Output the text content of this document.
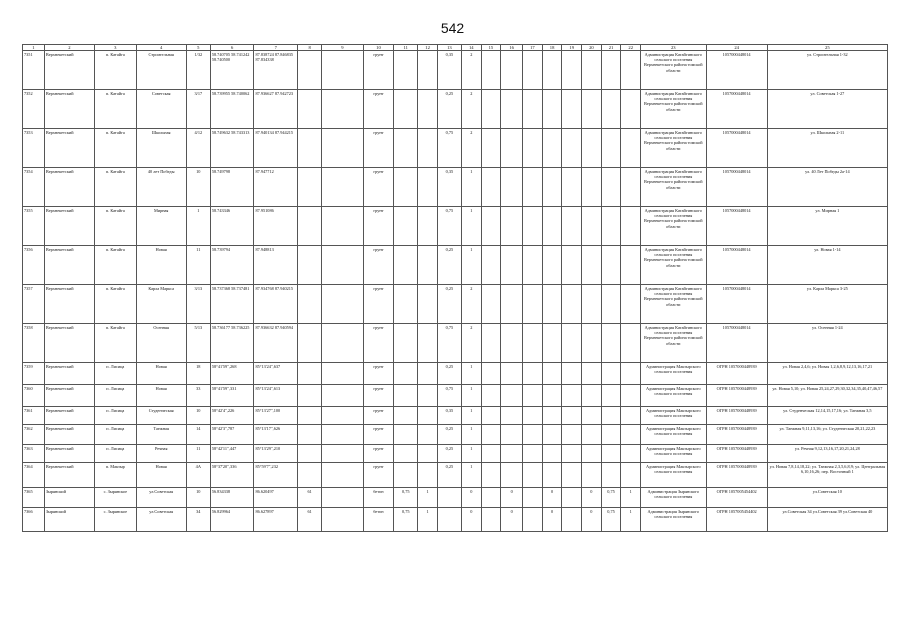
542
1	2	3	4	5	6	7	8	9	10	11	12	13	14	15	16	17	18	19	20	21	22	23	24	25
7351	Верхнекетский	п. Катайга	Строительная	1/32	58.740705 58.741242 58.740500	87.838724 87.846835 87.834338			грунт			0,35	2									Администрация Катайгинского сельского поселения Верхнекетского района томской области	1057000448014	ул. Строительная 1-32
7352	Верхнекетский	п. Катайга	Советская	3/17	58.739955 58.740062	87.936627 87.942723			грунт			0,25	2									Администрация Катайгинского сельского поселения Верхнекетского района томской области	1057000448014	ул. Советская 1-27
7353	Верхнекетский	п. Катайга	Школьная	4/12	58.749632 58.743313	87.940134 87.944215			грунт			0,75	2									Администрация Катайгинского сельского поселения Верхнекетского района томской области	1057000448014	ул. Школьная 2-11
7354	Верхнекетский	п. Катайга	40 лет Победы	10	58.749798	87.947712			грунт			0,35	1									Администрация Катайгинского сельского поселения Верхнекетского района томской области	1057000448014	ул. 40 Лет Победы 2а-14
7355	Верхнекетский	п. Катайга	Мирная	1	58.743346	87.951086			грунт			0,75	1									Администрация Катайгинского сельского поселения Верхнекетского района томской области	1057000448014	ул. Мирная 1
7356	Верхнекетский	п. Катайга	Новая	11	58.739794	87.948813			грунт			0,25	1									Администрация Катайгинского сельского поселения Верхнекетского района томской области	1057000448014	ул. Новая 1-14
7357	Верхнекетский	п. Катайга	Карла Маркса	3/13	58.737368 58.737481	87.934768 87.940215			грунт			0,25	2									Администрация Катайгинского сельского поселения Верхнекетского района томской области	1057000448014	ул. Карла Маркса 3-25
7358	Верхнекетский	п. Катайга	Осенняя	5/13	58.736177 58.736225	87.936632 87.940594			грунт			0,75	2									Администрация Катайгинского сельского поселения Верхнекетского района томской области	1057000448014	ул. Осенняя 1-24
7359	Верхнекетский	п. Лисица	Новая	18	58°41'59",268	85°13'24",637			грунт			0,25	1									Администрация Макзырского сельского поселения	ОГРН 1057000448939	ул. Новая 2,4,6; ул. Новая 1,2,6,8,9,12,13,16,17,21
7360	Верхнекетский	п. Лисица	Новая	33	58°41'59",331	85°13'24",613			грунт			0,75	1									Администрация Макзырского сельского поселения	ОГРН 1057000448939	ул. Новая 5,10; ул. Новая 25,24,27,29,30,32,34,35,40,47,46,57
7361	Верхнекетский	п. Лисица	Студенческая	10	58°42'4",226	85°13'27",100			грунт			0,35	1									Администрация Макзырского сельского поселения	ОГРН 1057000448939	ул. Студенческая 12,14,15,17,16; ул. Таежная 3,5
7362	Верхнекетский	п. Лисица	Таежная	14	58°42'3",787	85°13'17",626			грунт			0,25	1									Администрация Макзырского сельского поселения	ОГРН 1057000448939	ул. Таежная 9,11,13,16; ул. Студенческая 20,21,22,23
7363	Верхнекетский	п. Лисица	Речная	11	58°42'11",447	85°13'29",210			грунт			0,25	1									Администрация Макзырского сельского поселения	ОГРН 1057000448939	ул. Речная 9,12,13,16,17,20,21,24,28
7364	Верхнекетский	п. Макзыр	Новая	4А	58°37'20",336	85°59'7",232			грунт			0,25	1									Администрация Макзырского сельского поселения	ОГРН 1057000448939	ул. Новая 7,8,14,18,22; ул. Таежная 2,3,5,6,8,9; ул. Центральная 6,10,16,26; пер. Восточный 1
7365	Зырянский	с. Зырянское	ул.Советская	10	56.834338	86.620497	61		бетон	0,75	1		0		0		0		0	0,75	1	Администрация Зырянского сельского поселения	ОГРН 1057005454402	ул.Советская 10
7366	Зырянский	с. Зырянское	ул.Советская	34	56.829964	86.627897	61		бетон	0,75	1		0		0		0		0	0,75	1	Администрация Зырянского сельского поселения	ОГРН 1057005454402	ул.Советская 34 ул.Советская 39 ул.Советская 40
